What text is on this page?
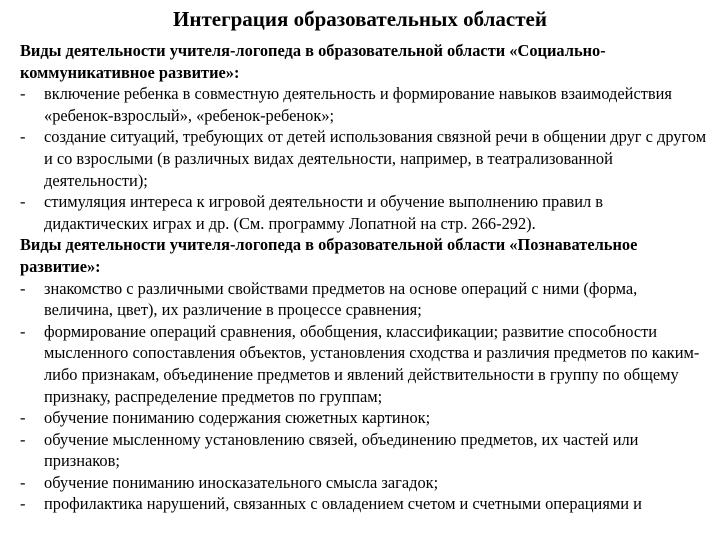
Интеграция образовательных областей

Виды деятельности учителя-логопеда в образовательной области «Социально-коммуникативное развитие»:

- включение ребенка в совместную деятельность и формирование навыков взаимодействия «ребенок-взрослый», «ребенок-ребенок»;
- создание ситуаций, требующих от детей использования связной речи в общении друг с другом и со взрослыми (в различных видах деятельности, например, в театрализованной деятельности);
- стимуляция интереса к игровой деятельности и обучение выполнению правил в дидактических играх и др. (См. программу Лопатной на стр. 266-292).

Виды деятельности учителя-логопеда в образовательной области «Познавательное развитие»:

- знакомство с различными свойствами предметов на основе операций с ними (форма, величина, цвет), их различение в процессе сравнения;
- формирование операций сравнения, обобщения, классификации; развитие способности мысленного сопоставления объектов, установления сходства и различия предметов по каким-либо признакам, объединение предметов и явлений действительности в группу по общему признаку, распределение предметов по группам;
- обучение пониманию содержания сюжетных картинок;
- обучение мысленному установлению связей, объединению предметов, их частей или признаков;
- обучение пониманию иносказательного смысла загадок;
- профилактика нарушений, связанных с овладением счетом и счетными операциями и
